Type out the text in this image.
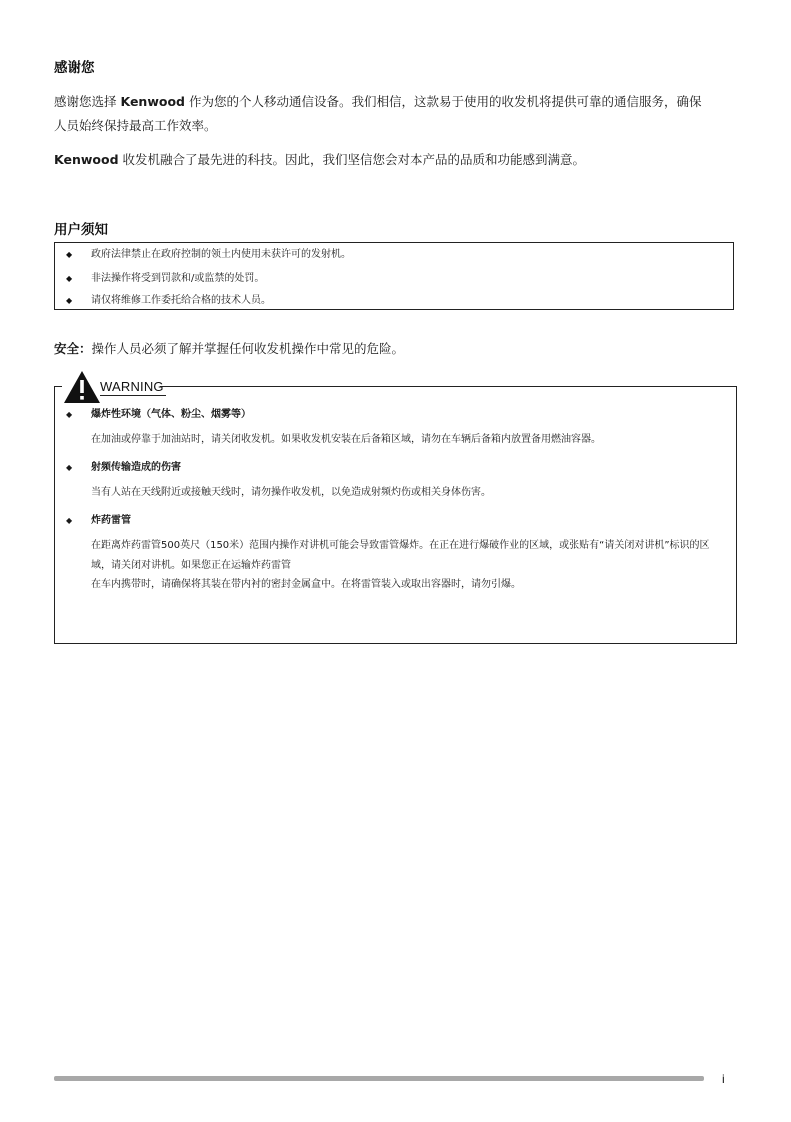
感谢您

感谢您选择 Kenwood 作为您的个人移动通信设备。我们相信，这款易于使用的收发机将提供可靠的通信服务，确保
人员始终保持最高工作效率。

Kenwood 收发机融合了最先进的科技。因此，我们坚信您会对本产品的品质和功能感到满意。

用户须知
◆ 政府法律禁止在政府控制的领土内使用未获许可的发射机。
◆ 非法操作将受到罚款和/或监禁的处罚。
◆ 请仅将维修工作委托给合格的技术人员。

安全：操作人员必须了解并掌握任何收发机操作中常见的危险。

◆ 爆炸性环境（气体、粉尘、烟雾等）

在加油或停靠于加油站时，请关闭收发机。如果收发机安装在后备箱区域，请勿在车辆后备箱内放置备用燃油容器。

◆ 射频传输造成的伤害

当有人站在天线附近或接触天线时，请勿操作收发机，以免造成射频灼伤或相关身体伤害。

◆ 炸药雷管

在距离炸药雷管500英尺（150米）范围内操作对讲机可能会导致雷管爆炸。在正在进行爆破作业的区域，或张贴有“请关闭对讲机”标识的区
域，请关闭对讲机。如果您正在运输炸药雷管
在车内携带时，请确保将其装在带内衬的密封金属盒中。在将雷管装入或取出容器时，请勿引爆。

WARNING
i
